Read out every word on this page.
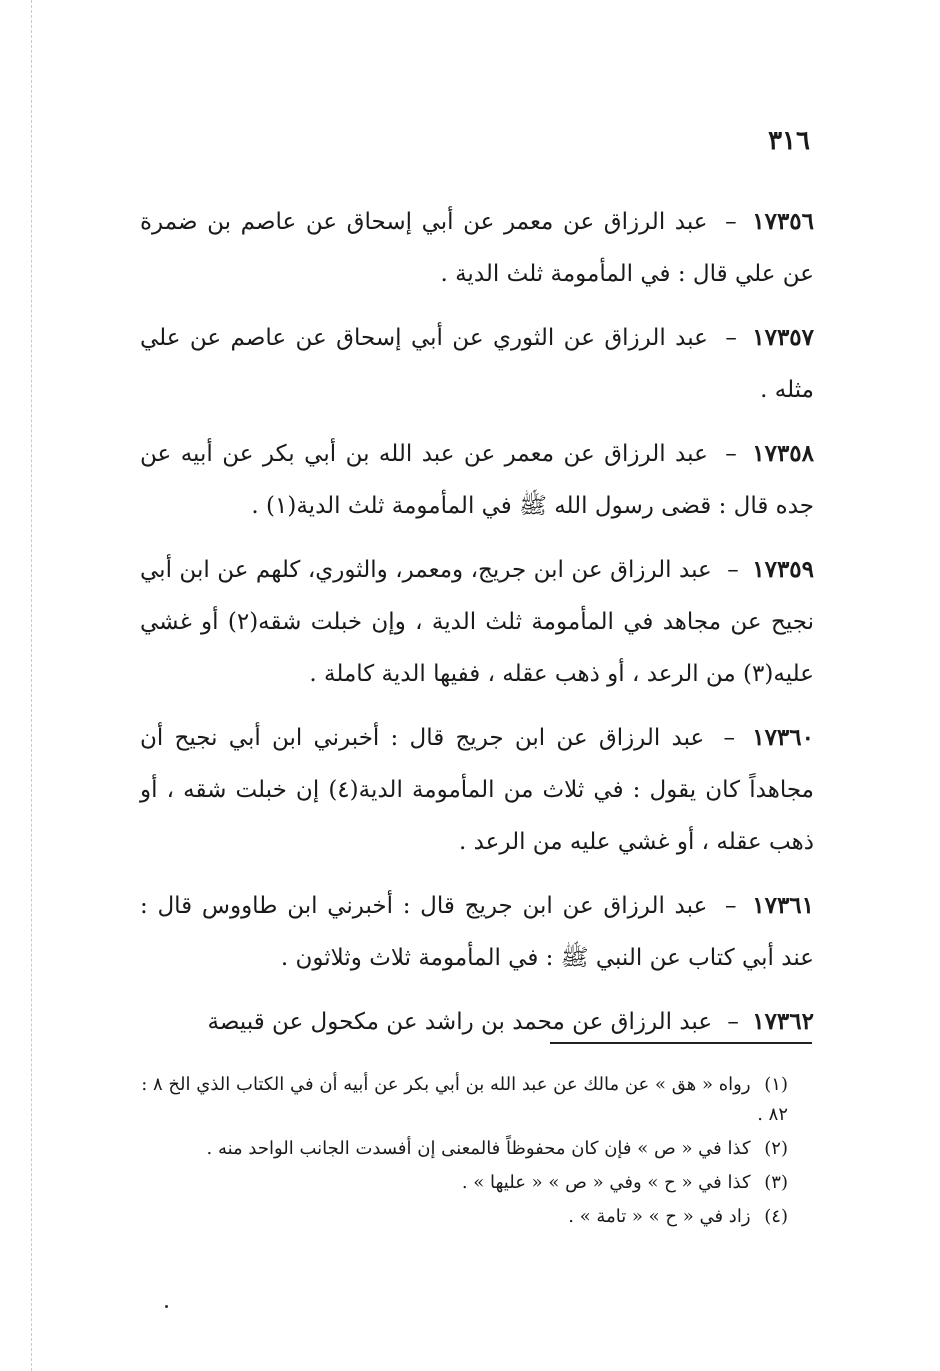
٣١٦

١٧٣٥٦ – عبد الرزاق عن معمر عن أبي إسحاق عن عاصم بن ضمرة عن علي قال : في المأمومة ثلث الدية .

١٧٣٥٧ – عبد الرزاق عن الثوري عن أبي إسحاق عن عاصم عن علي مثله .

١٧٣٥٨ – عبد الرزاق عن معمر عن عبد الله بن أبي بكر عن أبيه عن جده قال : قضى رسول الله ﷺ في المأمومة ثلث الدية(١) .

١٧٣٥٩ – عبد الرزاق عن ابن جريج، ومعمر، والثوري، كلهم عن ابن أبي نجيح عن مجاهد في المأمومة ثلث الدية ، وإن خبلت شقه(٢) أو غشي عليه(٣) من الرعد ، أو ذهب عقله ، ففيها الدية كاملة .

١٧٣٦٠ – عبد الرزاق عن ابن جريج قال : أخبرني ابن أبي نجيح أن مجاهداً كان يقول : في ثلاث من المأمومة الدية(٤) إن خبلت شقه ، أو ذهب عقله ، أو غشي عليه من الرعد .

١٧٣٦١ – عبد الرزاق عن ابن جريج قال : أخبرني ابن طاووس قال : عند أبي كتاب عن النبي ﷺ : في المأمومة ثلاث وثلاثون .

١٧٣٦٢ – عبد الرزاق عن محمد بن راشد عن مكحول عن قبيصة

(١) رواه « هق » عن مالك عن عبد الله بن أبي بكر عن أبيه أن في الكتاب الذي الخ ٨ : ٨٢ .

(٢) كذا في « ص » فإن كان محفوظاً فالمعنى إن أفسدت الجانب الواحد منه .

(٣) كذا في « ح » وفي « ص » « عليها » .

(٤) زاد في « ح » « تامة » .
